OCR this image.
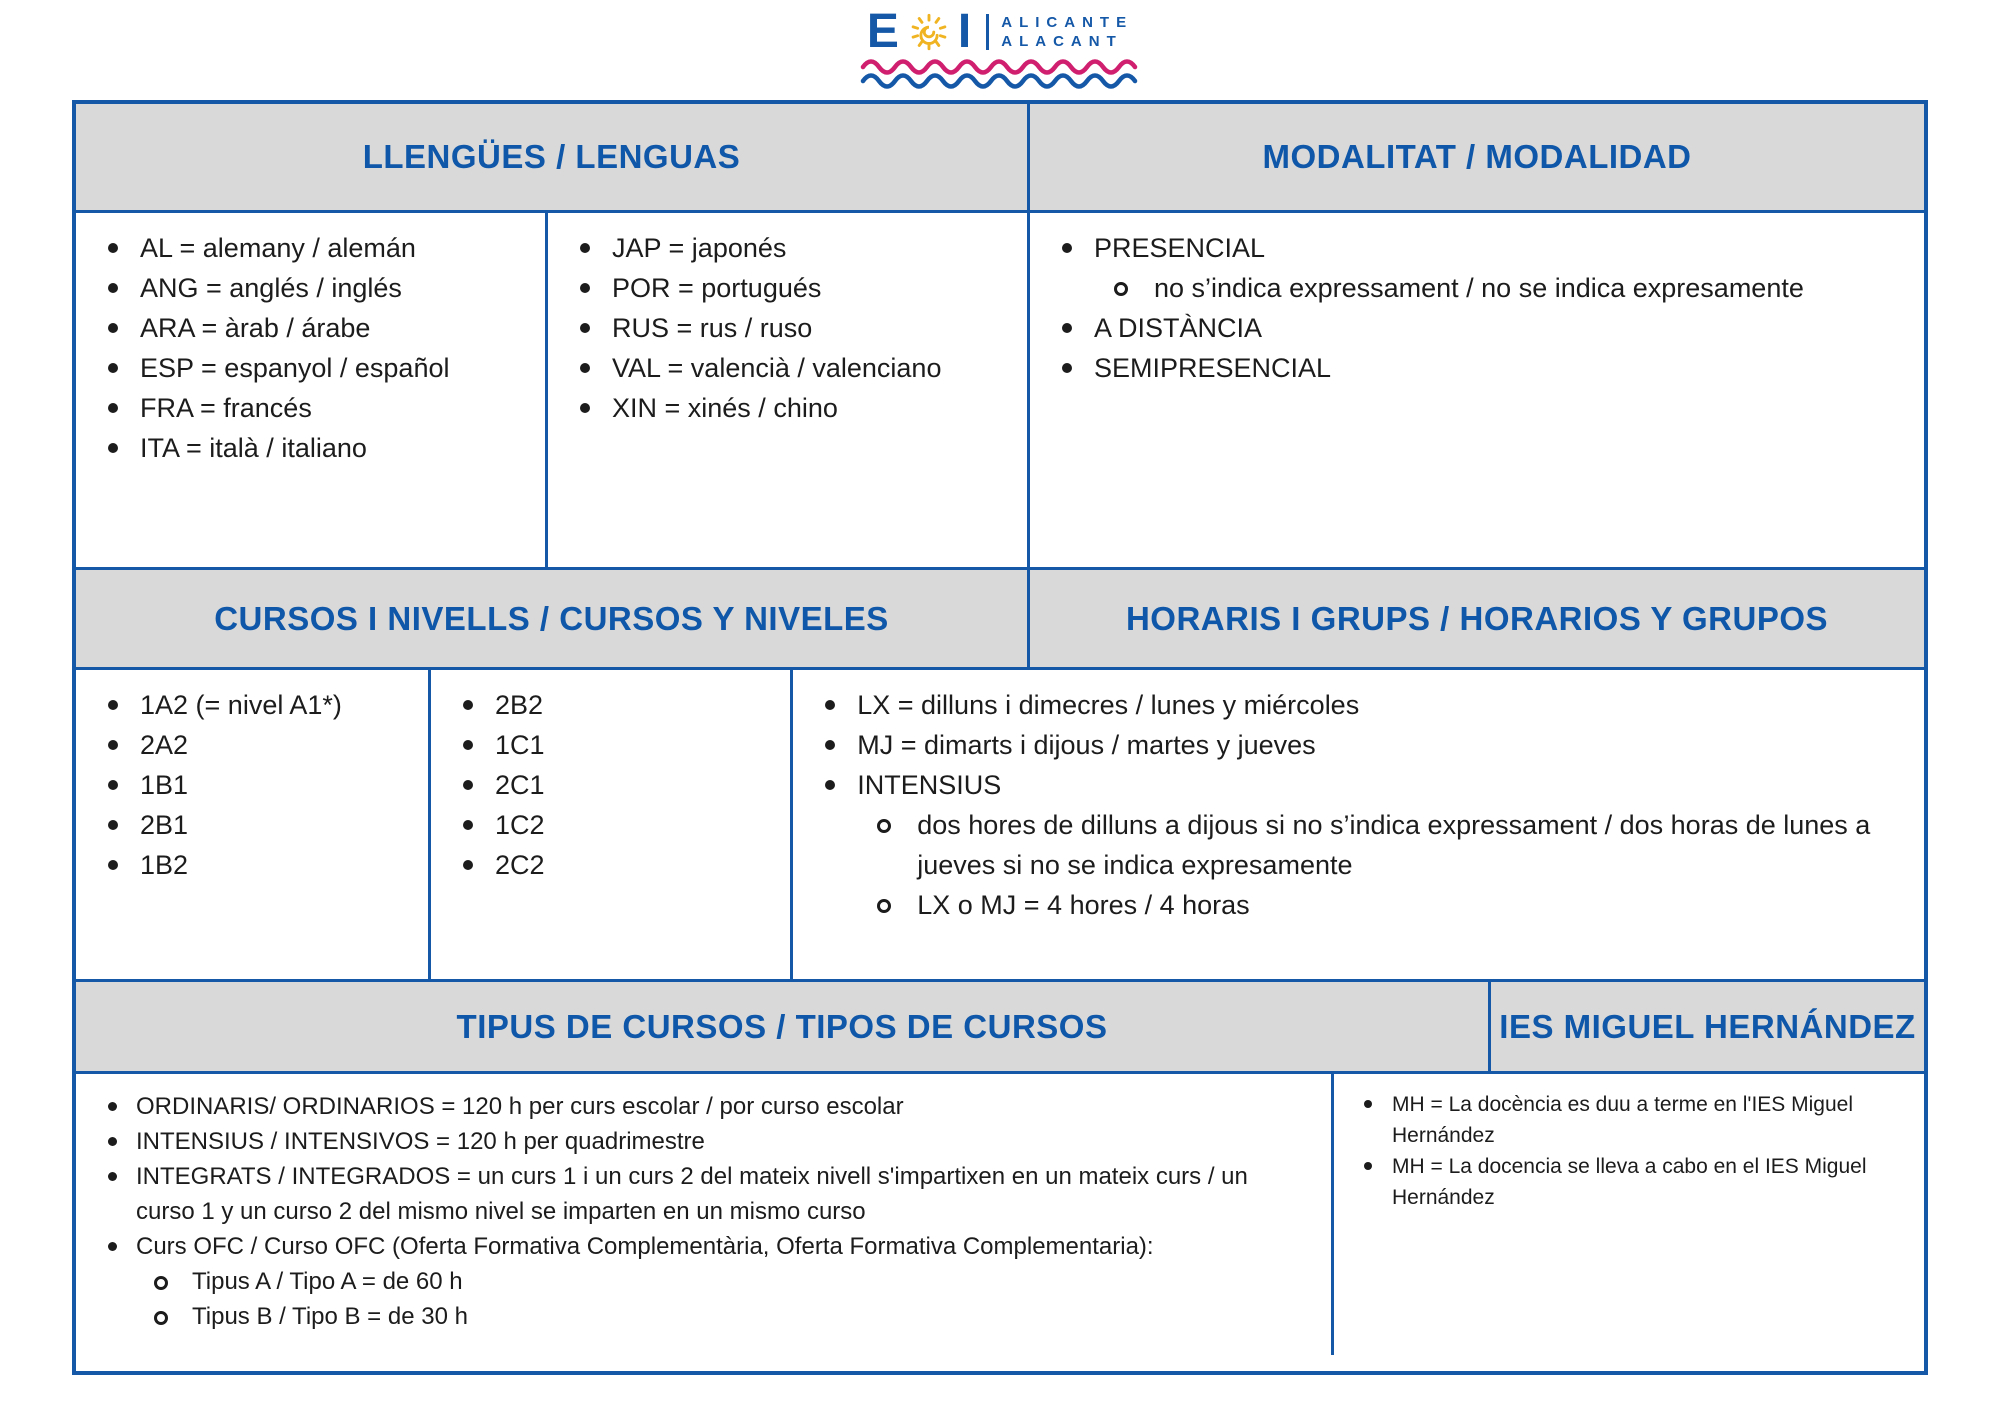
E I ALICANTE
ALACANT
LLENGÜES / LENGUAS	MODALITAT / MODALIDAD
AL = alemany / alemán
ANG = anglés / inglés
ARA = àrab / árabe
ESP = espanyol / español
FRA = francés
ITA = italà / italiano
JAP = japonés
POR = portugués
RUS = rus / ruso
VAL = valencià / valenciano
XIN = xinés / chino
PRESENCIAL
no s’indica expressament / no se indica expresamente
A DISTÀNCIA
SEMIPRESENCIAL
CURSOS I NIVELLS / CURSOS Y NIVELES	HORARIS I GRUPS / HORARIOS Y GRUPOS
1A2 (= nivel A1*)
2A2
1B1
2B1
1B2
2B2
1C1
2C1
1C2
2C2
LX = dilluns i dimecres / lunes y miércoles
MJ = dimarts i dijous / martes y jueves
INTENSIUS
dos hores de dilluns a dijous si no s’indica expressament / dos horas de lunes a jueves si no se indica expresamente
LX o MJ = 4 hores / 4 horas
TIPUS DE CURSOS / TIPOS DE CURSOS	IES MIGUEL HERNÁNDEZ
ORDINARIS/ ORDINARIOS = 120 h per curs escolar / por curso escolar
INTENSIUS / INTENSIVOS = 120 h per quadrimestre
INTEGRATS / INTEGRADOS = un curs 1 i un curs 2 del mateix nivell s'impartixen en un mateix curs / un curso 1 y un curso 2 del mismo nivel se imparten en un mismo curso
Curs OFC / Curso OFC (Oferta Formativa Complementària, Oferta Formativa Complementaria):
Tipus A / Tipo A = de 60 h
Tipus B / Tipo B = de 30 h
MH = La docència es duu a terme en l'IES Miguel Hernández
MH = La docencia se lleva a cabo en el IES Miguel Hernández
